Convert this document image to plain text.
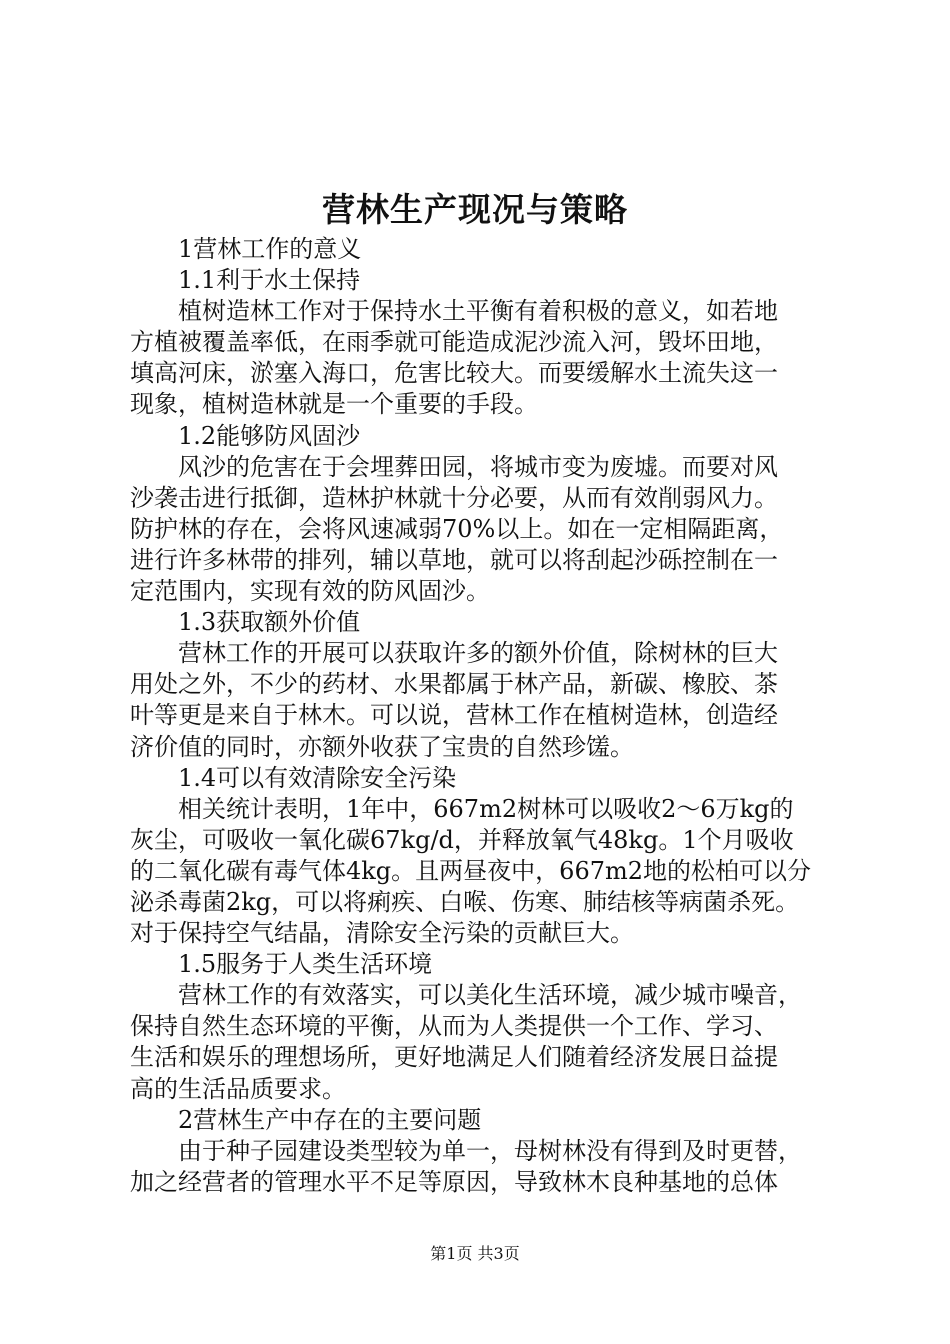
营林生产现况与策略
1营林工作的意义
1.1利于水土保持
植树造林工作对于保持水土平衡有着积极的意义，如若地
方植被覆盖率低，在雨季就可能造成泥沙流入河，毁坏田地，
填高河床，淤塞入海口，危害比较大。而要缓解水土流失这一
现象，植树造林就是一个重要的手段。
1.2能够防风固沙
风沙的危害在于会埋葬田园，将城市变为废墟。而要对风
沙袭击进行抵御，造林护林就十分必要，从而有效削弱风力。
防护林的存在，会将风速减弱70%以上。如在一定相隔距离，
进行许多林带的排列，辅以草地，就可以将刮起沙砾控制在一
定范围内，实现有效的防风固沙。
1.3获取额外价值
营林工作的开展可以获取许多的额外价值，除树林的巨大
用处之外，不少的药材、水果都属于林产品，新碳、橡胶、茶
叶等更是来自于林木。可以说，营林工作在植树造林，创造经
济价值的同时，亦额外收获了宝贵的自然珍馐。
1.4可以有效清除安全污染
相关统计表明，1年中，667m2树林可以吸收2～6万kg的
灰尘，可吸收一氧化碳67kg/d，并释放氧气48kg。1个月吸收
的二氧化碳有毒气体4kg。且两昼夜中，667m2地的松柏可以分
泌杀毒菌2kg，可以将痢疾、白喉、伤寒、肺结核等病菌杀死。
对于保持空气结晶，清除安全污染的贡献巨大。
1.5服务于人类生活环境
营林工作的有效落实，可以美化生活环境，减少城市噪音，
保持自然生态环境的平衡，从而为人类提供一个工作、学习、
生活和娱乐的理想场所，更好地满足人们随着经济发展日益提
高的生活品质要求。
2营林生产中存在的主要问题
由于种子园建设类型较为单一，母树林没有得到及时更替，
加之经营者的管理水平不足等原因，导致林木良种基地的总体
第1页 共3页
